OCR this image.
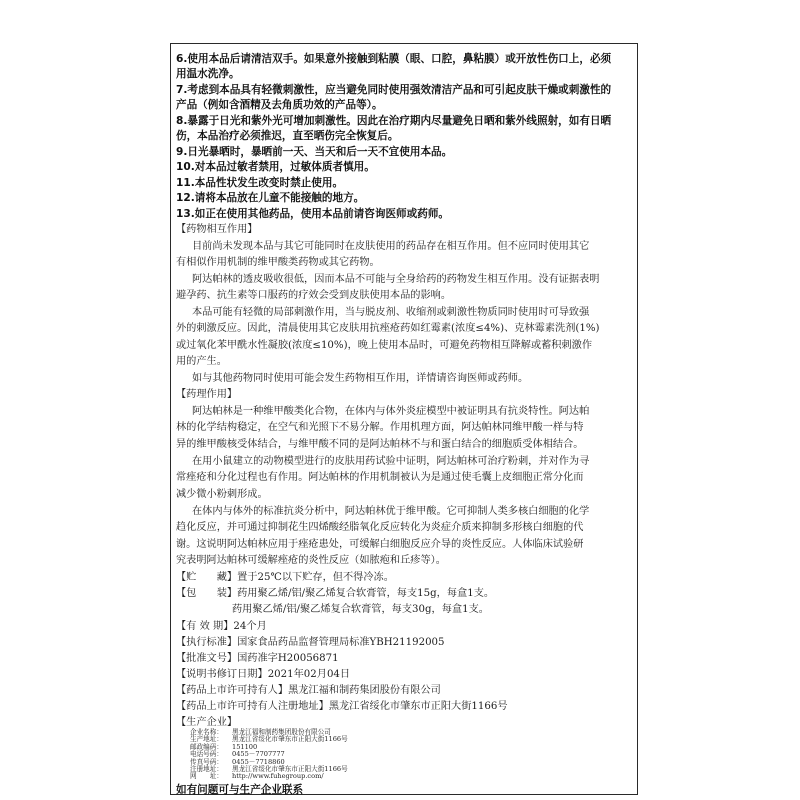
6.使用本品后请清洁双手。如果意外接触到粘膜（眼、口腔，鼻粘膜）或开放性伤口上，必须
用温水洗净。
7.考虑到本品具有轻微刺激性，应当避免同时使用强效清洁产品和可引起皮肤干燥或刺激性的
产品（例如含酒精及去角质功效的产品等）。
8.暴露于日光和紫外光可增加刺激性。因此在治疗期内尽量避免日晒和紫外线照射，如有日晒
伤，本品治疗必须推迟，直至晒伤完全恢复后。
9.日光暴晒时，暴晒前一天、当天和后一天不宜使用本品。
10.对本品过敏者禁用，过敏体质者慎用。
11.本品性状发生改变时禁止使用。
12.请将本品放在儿童不能接触的地方。
13.如正在使用其他药品，使用本品前请咨询医师或药师。
【药物相互作用】
目前尚未发现本品与其它可能同时在皮肤使用的药品存在相互作用。但不应同时使用其它
有相似作用机制的维甲酸类药物或其它药物。
阿达帕林的透皮吸收很低，因而本品不可能与全身给药的药物发生相互作用。没有证据表明
避孕药、抗生素等口服药的疗效会受到皮肤使用本品的影响。
本品可能有轻微的局部刺激作用，当与脱皮剂、收缩剂或刺激性物质同时使用时可导致强
外的刺激反应。因此，清晨使用其它皮肤用抗痤疮药如红霉素(浓度≤4%)、克林霉素洗剂(1%)
或过氧化苯甲酰水性凝胶(浓度≤10%)，晚上使用本品时，可避免药物相互降解或蓄积刺激作
用的产生。
如与其他药物同时使用可能会发生药物相互作用，详情请咨询医师或药师。
【药理作用】
阿达帕林是一种维甲酸类化合物，在体内与体外炎症模型中被证明具有抗炎特性。阿达帕
林的化学结构稳定，在空气和光照下不易分解。作用机理方面，阿达帕林同维甲酸一样与特
异的维甲酸核受体结合，与维甲酸不同的是阿达帕林不与和蛋白结合的细胞质受体相结合。
在用小鼠建立的动物模型进行的皮肤用药试验中证明，阿达帕林可治疗粉刺，并对作为寻
常痤疮和分化过程也有作用。阿达帕林的作用机制被认为是通过使毛囊上皮细胞正常分化而
减少微小粉刺形成。
在体内与体外的标准抗炎分析中，阿达帕林优于维甲酸。它可抑制人类多核白细胞的化学
趋化反应，并可通过抑制花生四烯酸经脂氧化反应转化为炎症介质来抑制多形核白细胞的代
谢。这说明阿达帕林应用于痤疮患处，可缓解白细胞反应介导的炎性反应。人体临床试验研
究表明阿达帕林可缓解痤疮的炎性反应（如脓疱和丘疹等）。
【贮　　藏】置于25℃以下贮存，但不得冷冻。
【包　　装】药用聚乙烯/铝/聚乙烯复合软膏管，每支15g，每盒1支。
药用聚乙烯/铝/聚乙烯复合软膏管，每支30g，每盒1支。
【有 效 期】24个月
【执行标准】国家食品药品监督管理局标准YBH21192005
【批准文号】国药准字H20056871
【说明书修订日期】2021年02月04日
【药品上市许可持有人】黑龙江福和制药集团股份有限公司
【药品上市许可持有人注册地址】黑龙江省绥化市肇东市正阳大街1166号
【生产企业】
企业名称： 黑龙江福和制药集团股份有限公司
生产地址： 黑龙江省绥化市肇东市正阳大街1166号
邮政编码： 151100
电话号码： 0455－7707777
传真号码： 0455－7718860
注册地址： 黑龙江省绥化市肇东市正阳大街1166号
网　　址： http://www.fuhegroup.com/
如有问题可与生产企业联系
